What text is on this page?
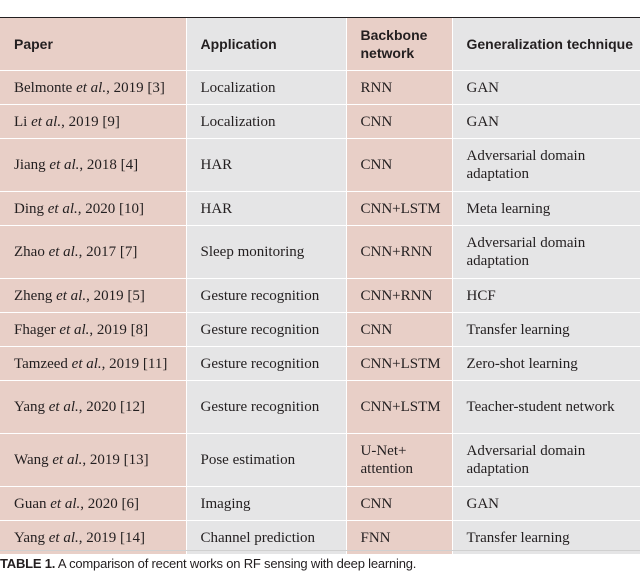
Paper	Application	Backbone network	Generalization technique
Belmonte et al., 2019 [3]	Localization	RNN	GAN
Li et al., 2019 [9]	Localization	CNN	GAN
Jiang et al., 2018 [4]	HAR	CNN	Adversarial domain adaptation
Ding et al., 2020 [10]	HAR	CNN+LSTM	Meta learning
Zhao et al., 2017 [7]	Sleep monitoring	CNN+RNN	Adversarial domain adaptation
Zheng et al., 2019 [5]	Gesture recognition	CNN+RNN	HCF
Fhager et al., 2019 [8]	Gesture recognition	CNN	Transfer learning
Tamzeed et al., 2019 [11]	Gesture recognition	CNN+LSTM	Zero-shot learning
Yang et al., 2020 [12]	Gesture recognition	CNN+LSTM	Teacher-student network
Wang et al., 2019 [13]	Pose estimation	U-Net+ attention	Adversarial domain adaptation
Guan et al., 2020 [6]	Imaging	CNN	GAN
Yang et al., 2019 [14]	Channel prediction	FNN	Transfer learning
TABLE 1. A comparison of recent works on RF sensing with deep learning.
